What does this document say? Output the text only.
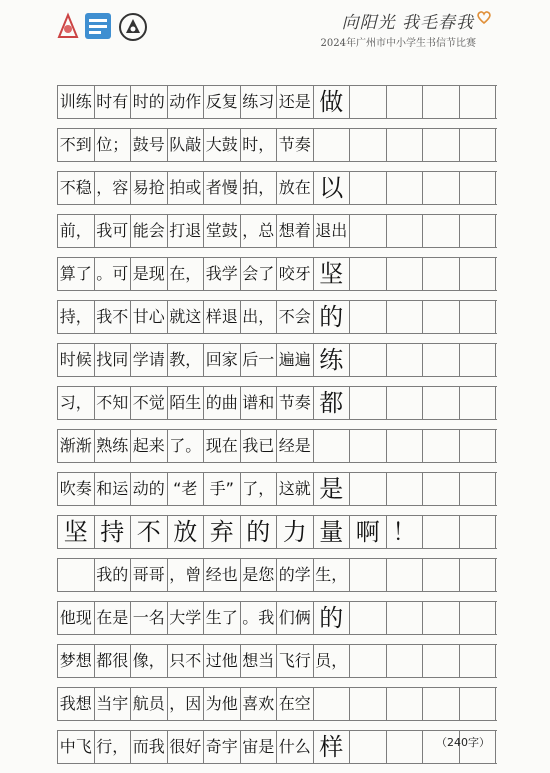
向阳光 我毛春我
2024年广州市中小学生书信节比赛
训练 时有 时的 动作 反复 练习 还是 做
不到 位； 鼓号 队敲 大鼓 时， 节奏
不稳 ，容 易抢 拍或 者慢 拍， 放在 以
前， 我可 能会 打退 堂鼓 ，总 想着 退出
算了 。可 是现 在， 我学 会了 咬牙 坚
持， 我不 甘心 就这 样退 出， 不会 的
时候 找同 学请 教， 回家 后一 遍遍 练
习， 不知 不觉 陌生 的曲 谱和 节奏 都
渐渐 熟练 起来 了。 现在 我已 经是
吹奏 和运 动的 “老 手” 了， 这就 是
坚 持 不 放 弃 的 力 量 啊 ！
我的 哥哥 ，曾 经也 是您 的学 生，
他现 在是 一名 大学 生了 。我 们俩 的
梦想 都很 像， 只不 过他 想当 飞行 员，
我想 当宇 航员 ，因 为他 喜欢 在空
中飞 行， 而我 很好 奇宇 宙是 什么 样	（240字）
